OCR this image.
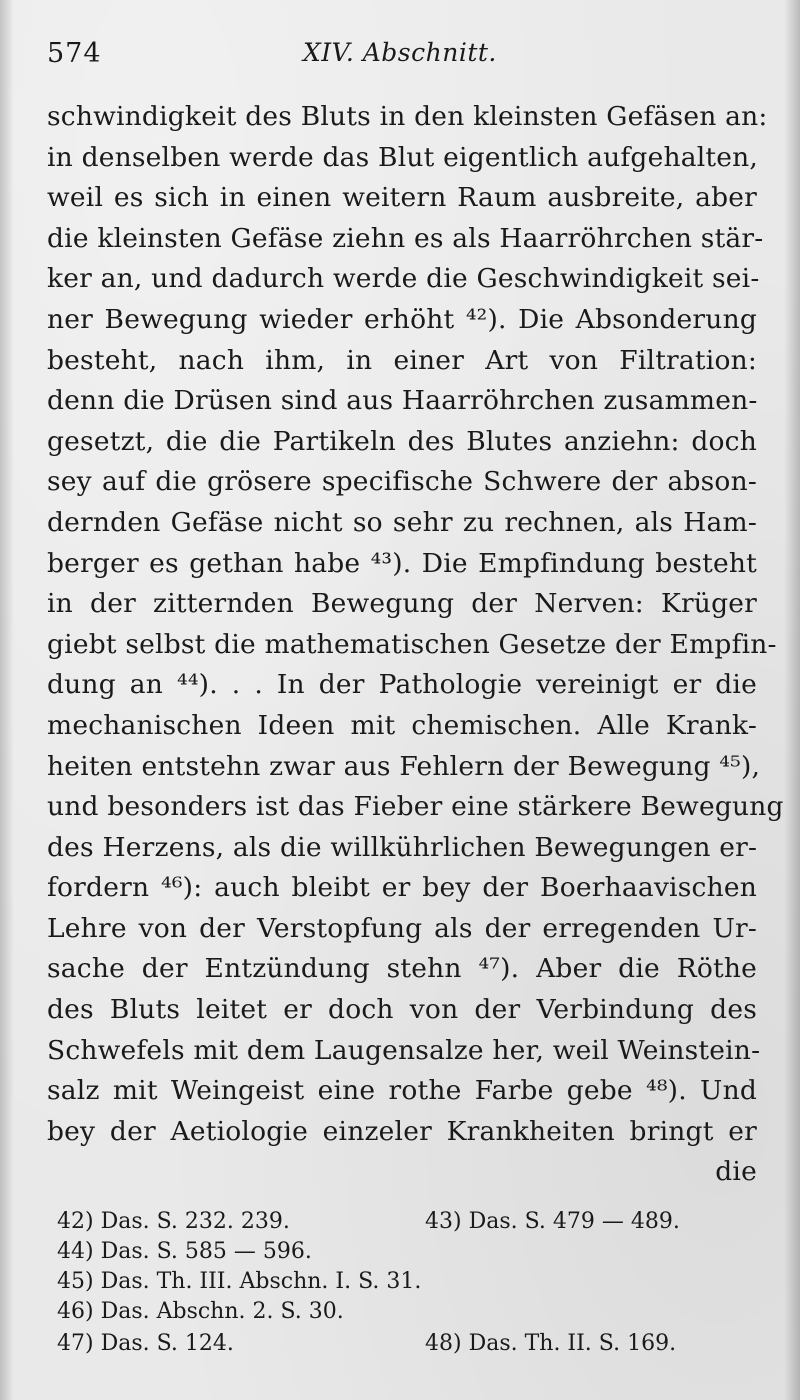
574	XIV. Abschnitt.
schwindigkeit des Bluts in den kleinsten Gefäsen an:
in denselben werde das Blut eigentlich aufgehalten,
weil es sich in einen weitern Raum ausbreite, aber
die kleinsten Gefäse ziehn es als Haarröhrchen stär-
ker an, und dadurch werde die Geschwindigkeit sei-
ner Bewegung wieder erhöht ⁴²). Die Absonderung
besteht, nach ihm, in einer Art von Filtration:
denn die Drüsen sind aus Haarröhrchen zusammen-
gesetzt, die die Partikeln des Blutes anziehn: doch
sey auf die grösere specifische Schwere der abson-
dernden Gefäse nicht so sehr zu rechnen, als Ham-
berger es gethan habe ⁴³). Die Empfindung besteht
in der zitternden Bewegung der Nerven: Krüger
giebt selbst die mathematischen Gesetze der Empfin-
dung an ⁴⁴). . . In der Pathologie vereinigt er die
mechanischen Ideen mit chemischen. Alle Krank-
heiten entstehn zwar aus Fehlern der Bewegung ⁴⁵),
und besonders ist das Fieber eine stärkere Bewegung
des Herzens, als die willkührlichen Bewegungen er-
fordern ⁴⁶): auch bleibt er bey der Boerhaavischen
Lehre von der Verstopfung als der erregenden Ur-
sache der Entzündung stehn ⁴⁷). Aber die Röthe
des Bluts leitet er doch von der Verbindung des
Schwefels mit dem Laugensalze her, weil Weinstein-
salz mit Weingeist eine rothe Farbe gebe ⁴⁸). Und
bey der Aetiologie einzeler Krankheiten bringt er
die
42) Das. S. 232. 239.	43) Das. S. 479 — 489.
44) Das. S. 585 — 596.
45) Das. Th. III. Abschn. I. S. 31.
46) Das. Abschn. 2. S. 30.
47) Das. S. 124.	48) Das. Th. II. S. 169.
